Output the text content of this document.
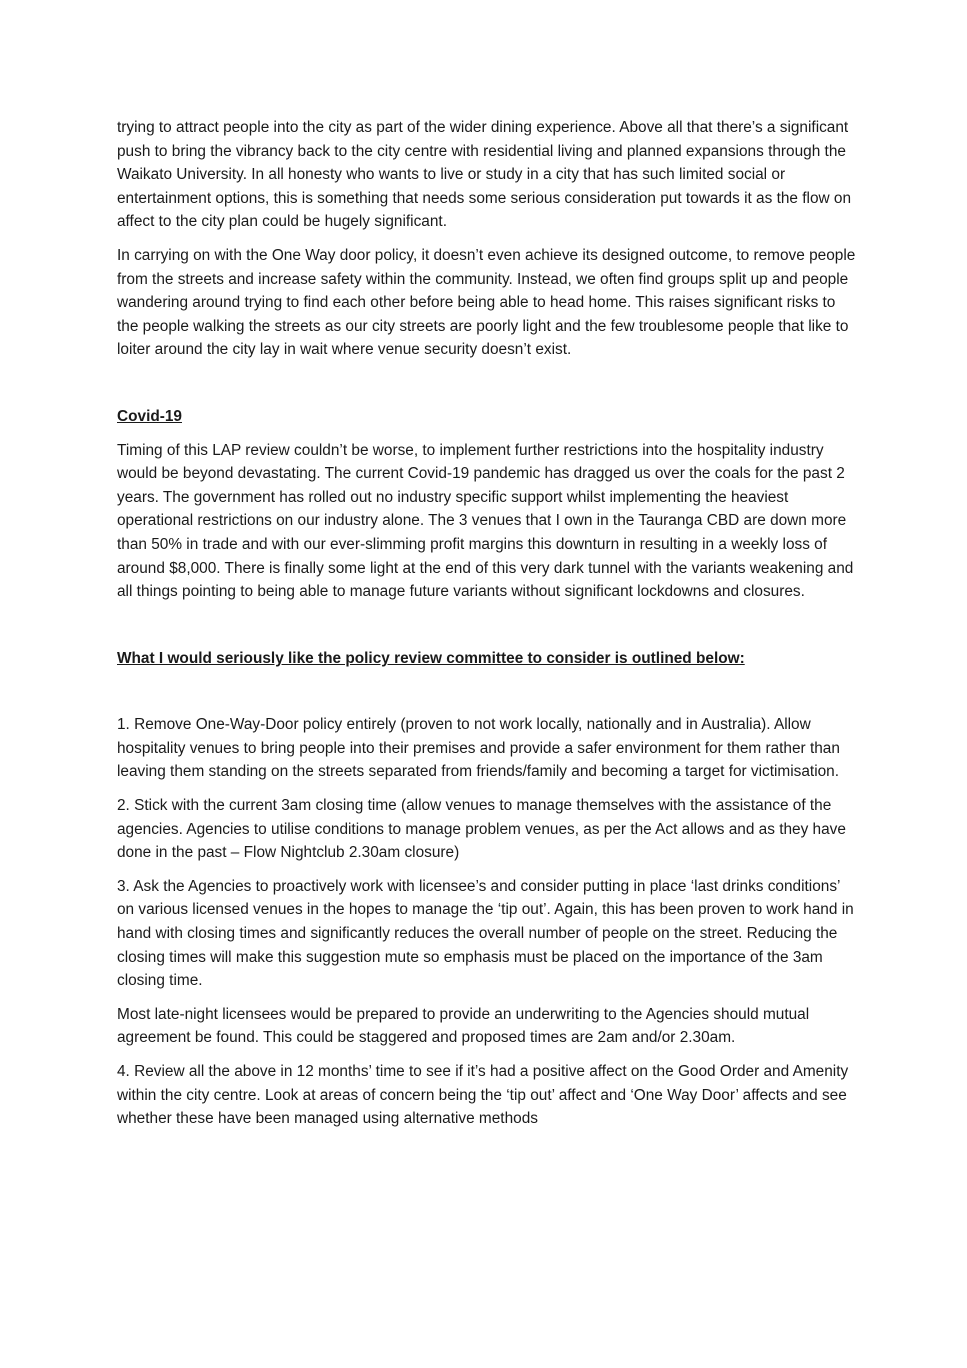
trying to attract people into the city as part of the wider dining experience. Above all that there’s a significant push to bring the vibrancy back to the city centre with residential living and planned expansions through the Waikato University. In all honesty who wants to live or study in a city that has such limited social or entertainment options, this is something that needs some serious consideration put towards it as the flow on affect to the city plan could be hugely significant.

In carrying on with the One Way door policy, it doesn’t even achieve its designed outcome, to remove people from the streets and increase safety within the community. Instead, we often find groups split up and people wandering around trying to find each other before being able to head home. This raises significant risks to the people walking the streets as our city streets are poorly light and the few troublesome people that like to loiter around the city lay in wait where venue security doesn’t exist.

Covid-19

Timing of this LAP review couldn’t be worse, to implement further restrictions into the hospitality industry would be beyond devastating. The current Covid-19 pandemic has dragged us over the coals for the past 2 years. The government has rolled out no industry specific support whilst implementing the heaviest operational restrictions on our industry alone. The 3 venues that I own in the Tauranga CBD are down more than 50% in trade and with our ever-slimming profit margins this downturn in resulting in a weekly loss of around $8,000. There is finally some light at the end of this very dark tunnel with the variants weakening and all things pointing to being able to manage future variants without significant lockdowns and closures.

What I would seriously like the policy review committee to consider is outlined below:

1. Remove One-Way-Door policy entirely (proven to not work locally, nationally and in Australia). Allow hospitality venues to bring people into their premises and provide a safer environment for them rather than leaving them standing on the streets separated from friends/family and becoming a target for victimisation.

2. Stick with the current 3am closing time (allow venues to manage themselves with the assistance of the agencies. Agencies to utilise conditions to manage problem venues, as per the Act allows and as they have done in the past – Flow Nightclub 2.30am closure)

3. Ask the Agencies to proactively work with licensee’s and consider putting in place ‘last drinks conditions’ on various licensed venues in the hopes to manage the ‘tip out’. Again, this has been proven to work hand in hand with closing times and significantly reduces the overall number of people on the street. Reducing the closing times will make this suggestion mute so emphasis must be placed on the importance of the 3am closing time.

Most late-night licensees would be prepared to provide an underwriting to the Agencies should mutual agreement be found. This could be staggered and proposed times are 2am and/or 2.30am.

4. Review all the above in 12 months’ time to see if it’s had a positive affect on the Good Order and Amenity within the city centre. Look at areas of concern being the ‘tip out’ affect and ‘One Way Door’ affects and see whether these have been managed using alternative methods
